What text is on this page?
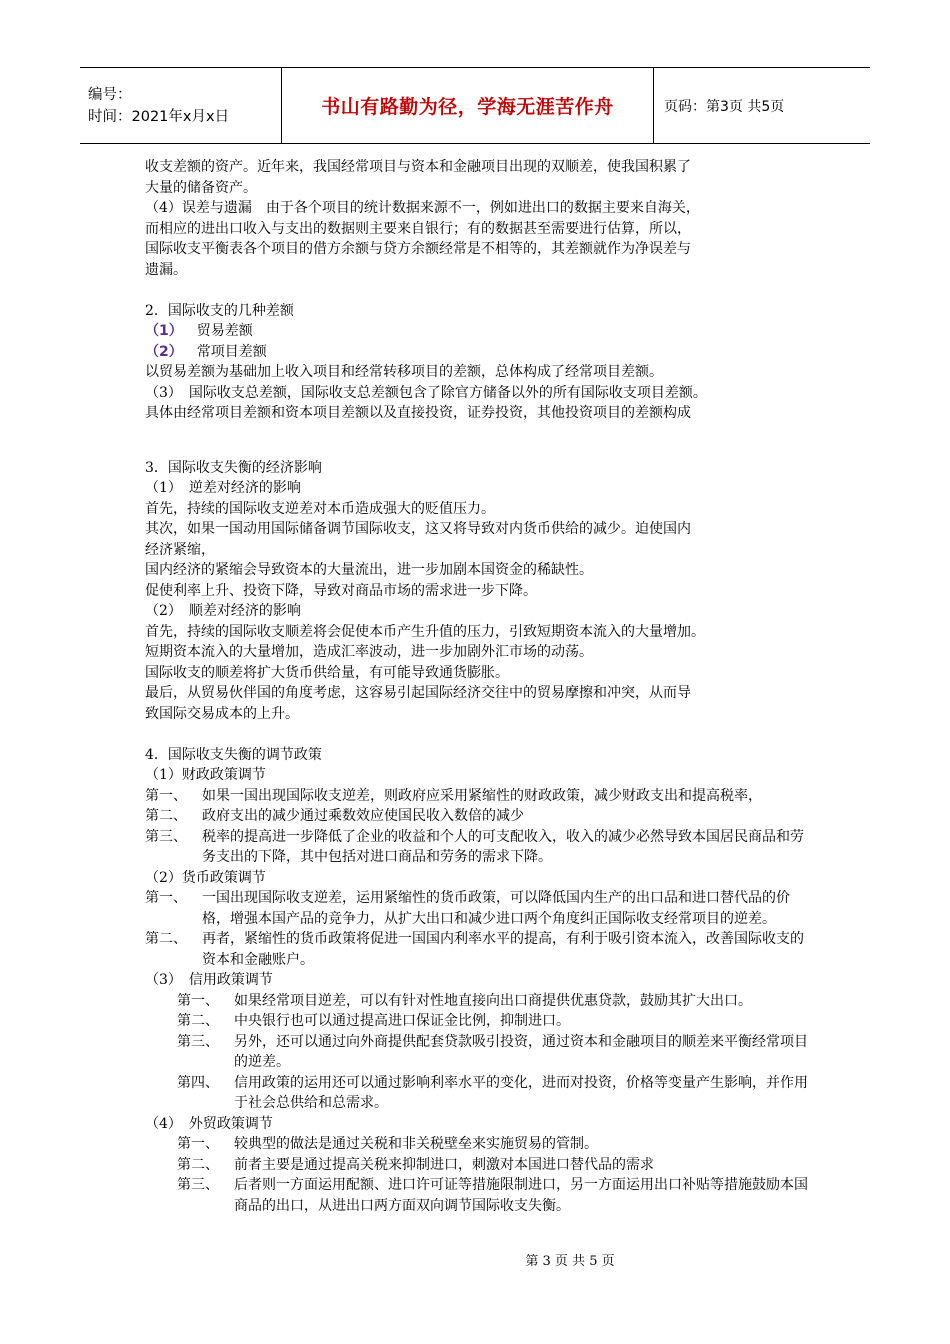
编号：
时间：2021年x月x日	书山有路勤为径，学海无涯苦作舟	页码：第3页 共5页

收支差额的资产。近年来，我国经常项目与资本和金融项目出现的双顺差，使我国积累了

大量的储备资产。

（4）误差与遗漏　由于各个项目的统计数据来源不一，例如进出口的数据主要来自海关，

而相应的进出口收入与支出的数据则主要来自银行；有的数据甚至需要进行估算，所以，

国际收支平衡表各个项目的借方余额与贷方余额经常是不相等的，其差额就作为净误差与

遗漏。

2．国际收支的几种差额

（1） 贸易差额

（2） 常项目差额

以贸易差额为基础加上收入项目和经常转移项目的差额，总体构成了经常项目差额。

（3）　国际收支总差额，国际收支总差额包含了除官方储备以外的所有国际收支项目差额。

具体由经常项目差额和资本项目差额以及直接投资，证券投资，其他投资项目的差额构成

3．国际收支失衡的经济影响

（1）　逆差对经济的影响

首先，持续的国际收支逆差对本币造成强大的贬值压力。

其次，如果一国动用国际储备调节国际收支，这又将导致对内货币供给的减少。迫使国内

经济紧缩，

国内经济的紧缩会导致资本的大量流出，进一步加剧本国资金的稀缺性。

促使利率上升、投资下降，导致对商品市场的需求进一步下降。

（2）　顺差对经济的影响

首先，持续的国际收支顺差将会促使本币产生升值的压力，引致短期资本流入的大量增加。

短期资本流入的大量增加，造成汇率波动，进一步加剧外汇市场的动荡。

国际收支的顺差将扩大货币供给量，有可能导致通货膨胀。

最后，从贸易伙伴国的角度考虑，这容易引起国际经济交往中的贸易摩擦和冲突，从而导

致国际交易成本的上升。

4．国际收支失衡的调节政策

（1）财政政策调节

第一、	如果一国出现国际收支逆差，则政府应采用紧缩性的财政政策，减少财政支出和提高税率，
第二、	政府支出的减少通过乘数效应使国民收入数倍的减少
第三、	税率的提高进一步降低了企业的收益和个人的可支配收入，收入的减少必然导致本国居民商品和劳务支出的下降，其中包括对进口商品和劳务的需求下降。

（2）货币政策调节

第一、	一国出现国际收支逆差，运用紧缩性的货币政策，可以降低国内生产的出口品和进口替代品的价格，增强本国产品的竞争力，从扩大出口和减少进口两个角度纠正国际收支经常项目的逆差。
第二、	再者，紧缩性的货币政策将促进一国国内利率水平的提高，有利于吸引资本流入，改善国际收支的资本和金融账户。

（3）　信用政策调节

第一、	如果经常项目逆差，可以有针对性地直接向出口商提供优惠贷款，鼓励其扩大出口。
第二、	中央银行也可以通过提高进口保证金比例，抑制进口。
第三、	另外，还可以通过向外商提供配套贷款吸引投资，通过资本和金融项目的顺差来平衡经常项目的逆差。
第四、	信用政策的运用还可以通过影响利率水平的变化，进而对投资，价格等变量产生影响，并作用于社会总供给和总需求。

（4）　外贸政策调节

第一、	较典型的做法是通过关税和非关税壁垒来实施贸易的管制。
第二、	前者主要是通过提高关税来抑制进口，刺激对本国进口替代品的需求
第三、	后者则一方面运用配额、进口许可证等措施限制进口，另一方面运用出口补贴等措施鼓励本国商品的出口，从进出口两方面双向调节国际收支失衡。
第 3 页 共 5 页
